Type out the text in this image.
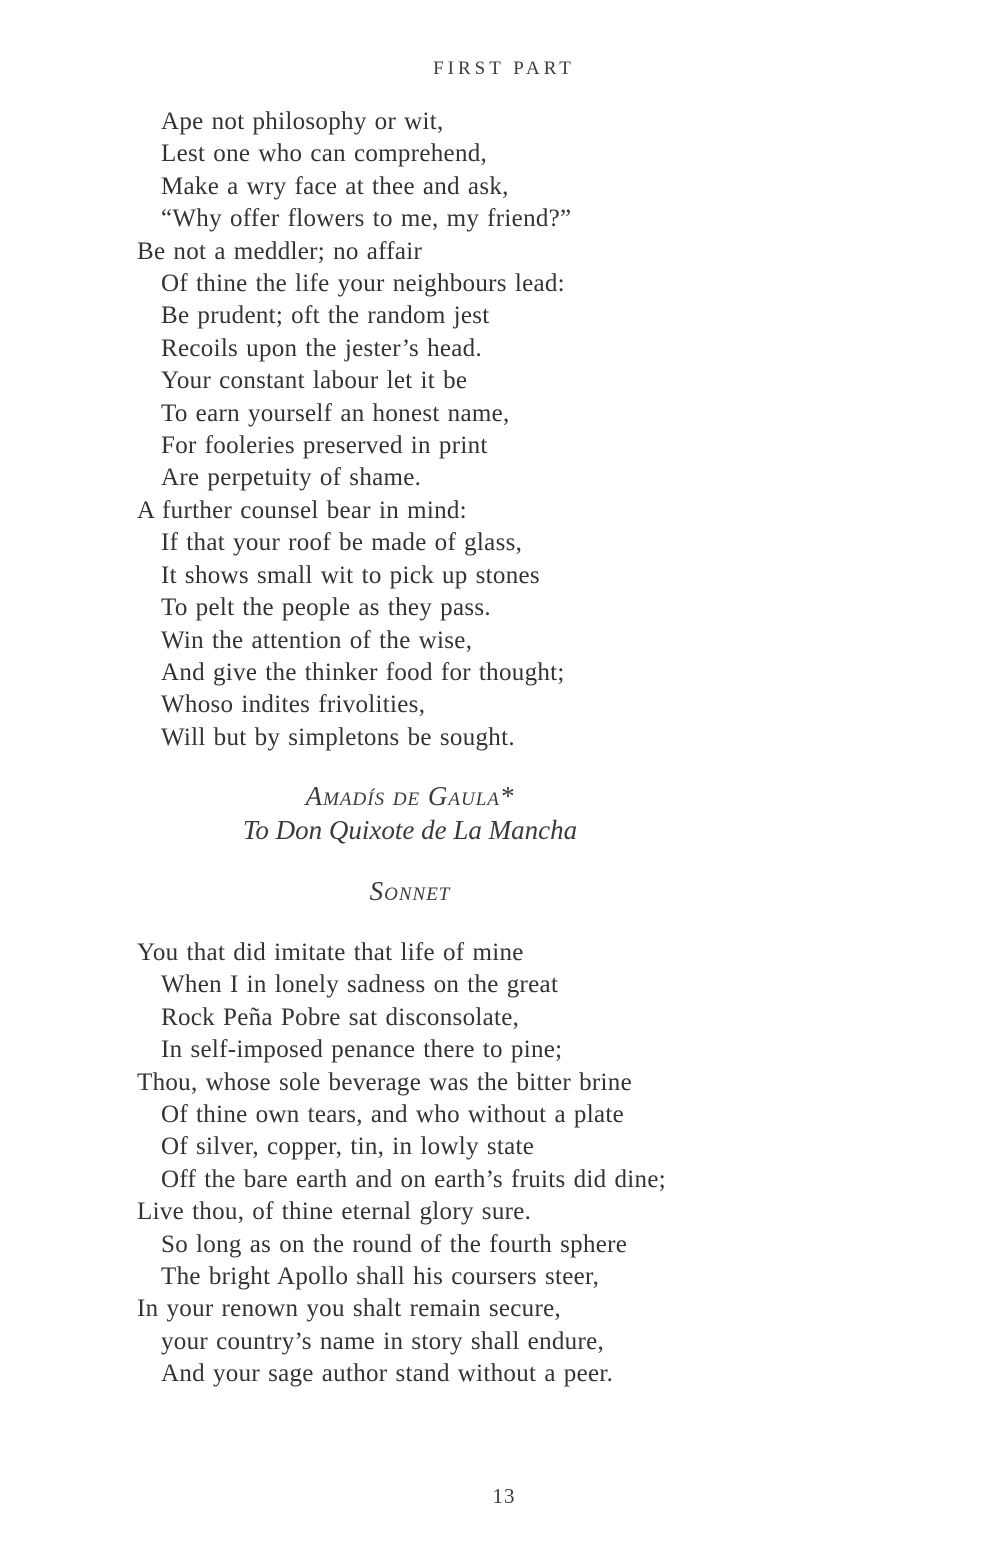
FIRST PART
Ape not philosophy or wit,
Lest one who can comprehend,
Make a wry face at thee and ask,
“Why offer flowers to me, my friend?”
Be not a meddler; no affair
Of thine the life your neighbours lead:
Be prudent; oft the random jest
Recoils upon the jester’s head.
Your constant labour let it be
To earn yourself an honest name,
For fooleries preserved in print
Are perpetuity of shame.
A further counsel bear in mind:
If that your roof be made of glass,
It shows small wit to pick up stones
To pelt the people as they pass.
Win the attention of the wise,
And give the thinker food for thought;
Whoso indites frivolities,
Will but by simpletons be sought.
Amadís de Gaula*
To Don Quixote de La Mancha
Sonnet
You that did imitate that life of mine
When I in lonely sadness on the great
Rock Peña Pobre sat disconsolate,
In self-imposed penance there to pine;
Thou, whose sole beverage was the bitter brine
Of thine own tears, and who without a plate
Of silver, copper, tin, in lowly state
Off the bare earth and on earth’s fruits did dine;
Live thou, of thine eternal glory sure.
So long as on the round of the fourth sphere
The bright Apollo shall his coursers steer,
In your renown you shalt remain secure,
your country’s name in story shall endure,
And your sage author stand without a peer.
13
